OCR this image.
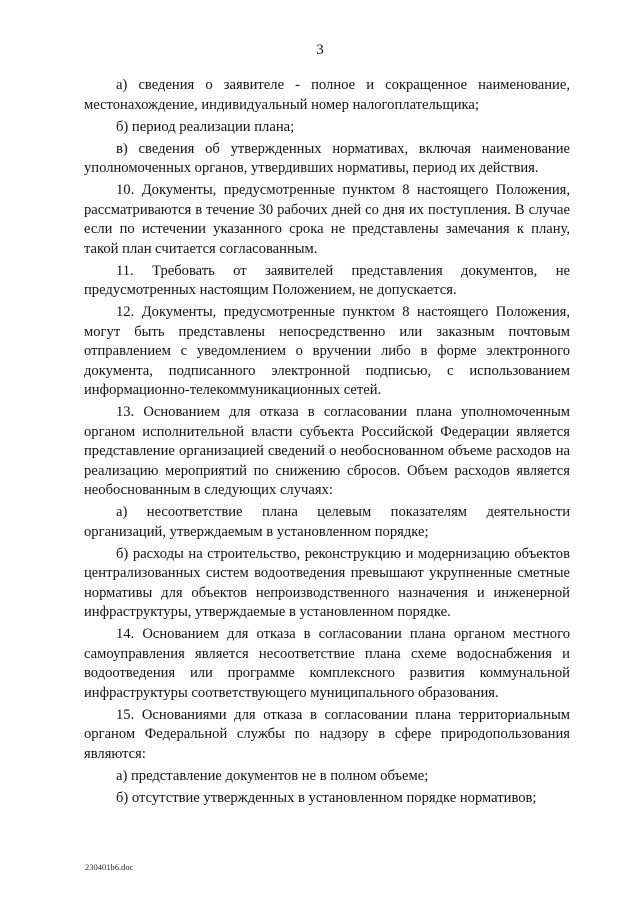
3

а) сведения о заявителе - полное и сокращенное наименование, местонахождение, индивидуальный номер налогоплательщика;

б) период реализации плана;

в) сведения об утвержденных нормативах, включая наименование уполномоченных органов, утвердивших нормативы, период их действия.

10. Документы, предусмотренные пунктом 8 настоящего Положения, рассматриваются в течение 30 рабочих дней со дня их поступления. В случае если по истечении указанного срока не представлены замечания к плану, такой план считается согласованным.

11. Требовать от заявителей представления документов, не предусмотренных настоящим Положением, не допускается.

12. Документы, предусмотренные пунктом 8 настоящего Положения, могут быть представлены непосредственно или заказным почтовым отправлением с уведомлением о вручении либо в форме электронного документа, подписанного электронной подписью, с использованием информационно-телекоммуникационных сетей.

13. Основанием для отказа в согласовании плана уполномоченным органом исполнительной власти субъекта Российской Федерации является представление организацией сведений о необоснованном объеме расходов на реализацию мероприятий по снижению сбросов. Объем расходов является необоснованным в следующих случаях:

а) несоответствие плана целевым показателям деятельности организаций, утверждаемым в установленном порядке;

б) расходы на строительство, реконструкцию и модернизацию объектов централизованных систем водоотведения превышают укрупненные сметные нормативы для объектов непроизводственного назначения и инженерной инфраструктуры, утверждаемые в установленном порядке.

14. Основанием для отказа в согласовании плана органом местного самоуправления является несоответствие плана схеме водоснабжения и водоотведения или программе комплексного развития коммунальной инфраструктуры соответствующего муниципального образования.

15. Основаниями для отказа в согласовании плана территориальным органом Федеральной службы по надзору в сфере природопользования являются:

а) представление документов не в полном объеме;

б) отсутствие утвержденных в установленном порядке нормативов;

230401b6.doc
